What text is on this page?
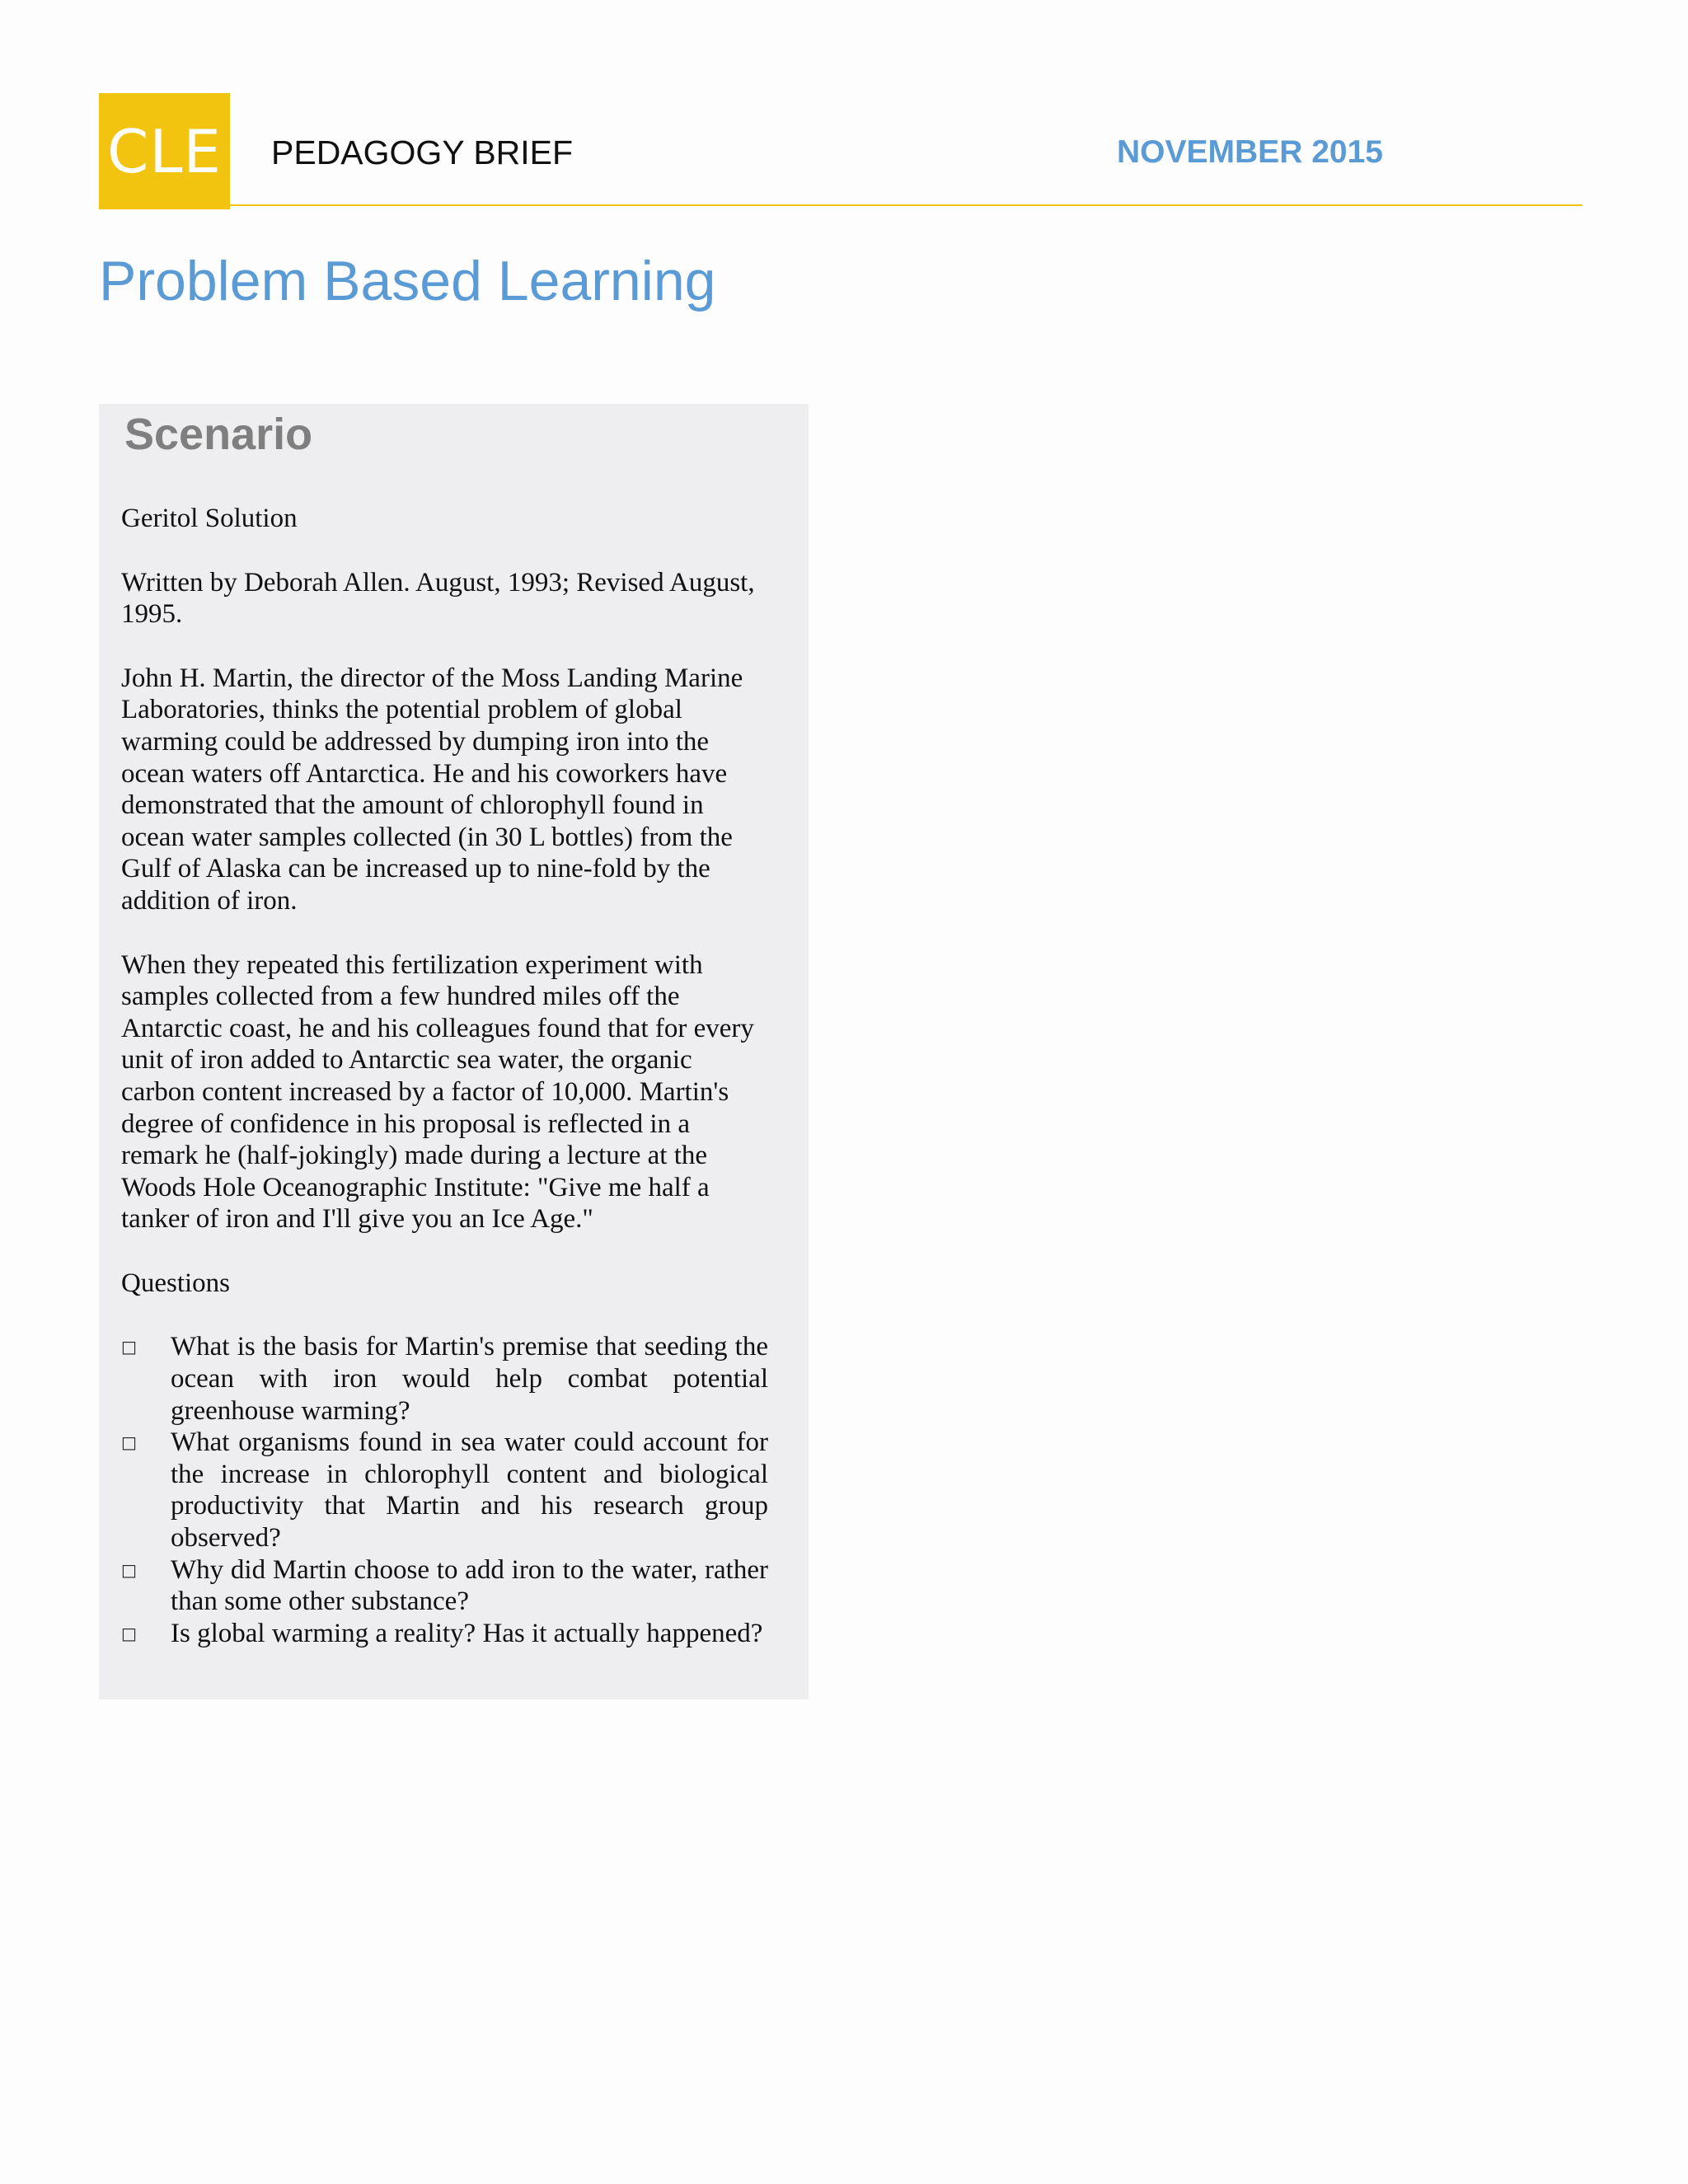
CLE PEDAGOGY BRIEF	NOVEMBER 2015
Problem Based Learning
Scenario

Geritol Solution

Written by Deborah Allen. August, 1993; Revised August, 1995.

John H. Martin, the director of the Moss Landing Marine Laboratories, thinks the potential problem of global warming could be addressed by dumping iron into the ocean waters off Antarctica. He and his coworkers have demonstrated that the amount of chlorophyll found in ocean water samples collected (in 30 L bottles) from the Gulf of Alaska can be increased up to nine-fold by the addition of iron.

When they repeated this fertilization experiment with samples collected from a few hundred miles off the Antarctic coast, he and his colleagues found that for every unit of iron added to Antarctic sea water, the organic carbon content increased by a factor of 10,000. Martin's degree of confidence in his proposal is reflected in a remark he (half-jokingly) made during a lecture at the Woods Hole Oceanographic Institute: "Give me half a tanker of iron and I'll give you an Ice Age."

Questions

□ What is the basis for Martin's premise that seeding the ocean with iron would help combat potential greenhouse warming?
□ What organisms found in sea water could account for the increase in chlorophyll content and biological productivity that Martin and his research group observed?
□ Why did Martin choose to add iron to the water, rather than some other substance?
□ Is global warming a reality? Has it actually happened?
